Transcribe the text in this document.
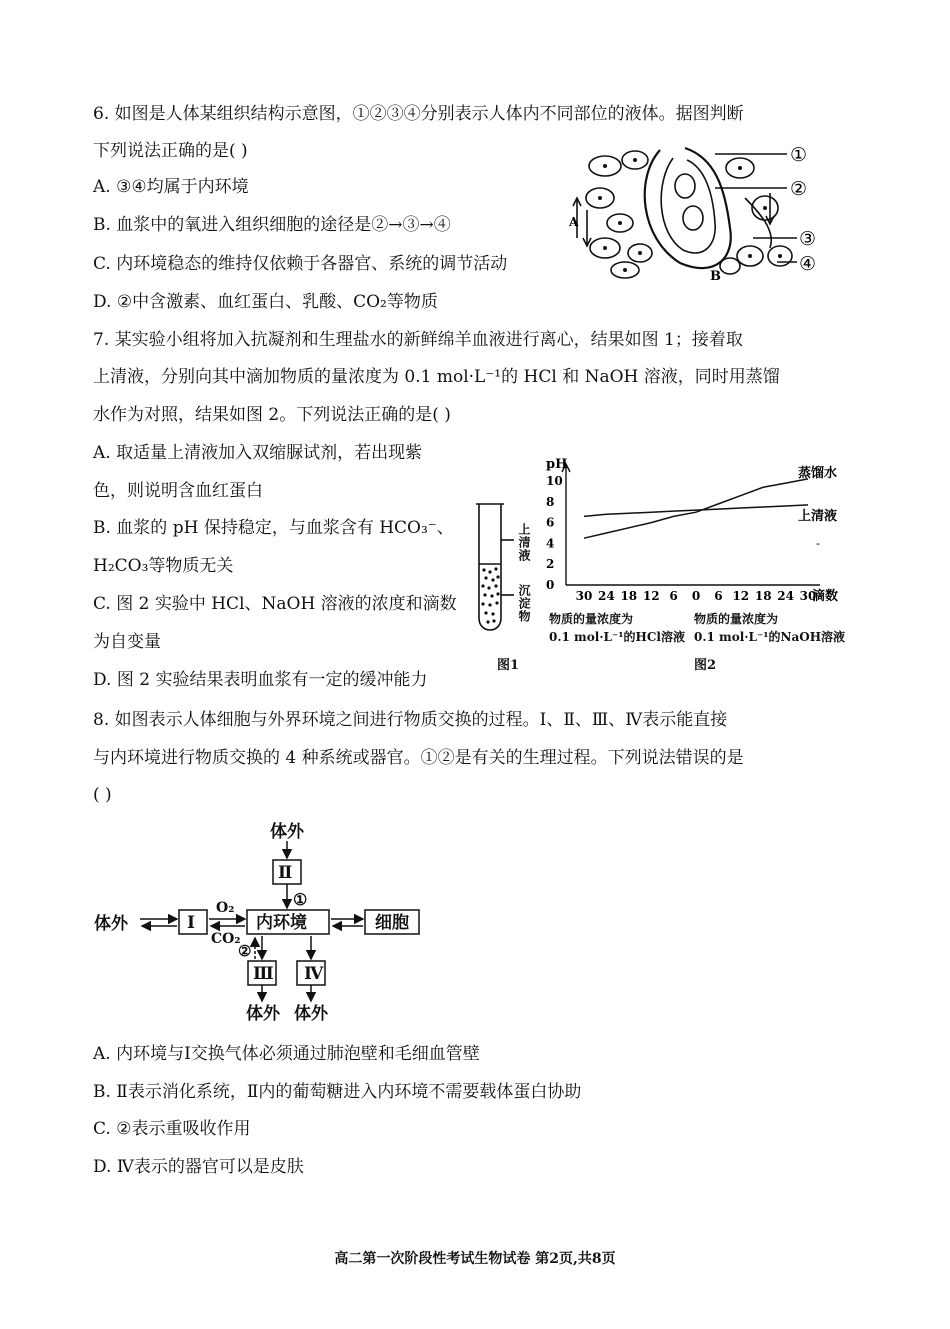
6. 如图是人体某组织结构示意图，①②③④分别表示人体内不同部位的液体。据图判断
下列说法正确的是( )
A. ③④均属于内环境
B. 血浆中的氧进入组织细胞的途径是②→③→④
C. 内环境稳态的维持仅依赖于各器官、系统的调节活动
D. ②中含激素、血红蛋白、乳酸、CO₂等物质
①
②
③
④
A
B
7. 某实验小组将加入抗凝剂和生理盐水的新鲜绵羊血液进行离心，结果如图 1；接着取
上清液，分别向其中滴加物质的量浓度为 0.1 mol·L⁻¹的 HCl 和 NaOH 溶液，同时用蒸馏
水作为对照，结果如图 2。下列说法正确的是( )
A. 取适量上清液加入双缩脲试剂，若出现紫
色，则说明含血红蛋白
B. 血浆的 pH 保持稳定，与血浆含有 HCO₃⁻、
H₂CO₃等物质无关
C. 图 2 实验中 HCl、NaOH 溶液的浓度和滴数
为自变量
D. 图 2 实验结果表明血浆有一定的缓冲能力
上清液
沉淀物
图1
pH
滴数
0
2
4
6
8
10
30 24 18 12 6 0 6 12 18 24 30
蒸馏水
上清液
-
物质的量浓度为
0.1 mol·L⁻¹的HCl溶液
物质的量浓度为
0.1 mol·L⁻¹的NaOH溶液
图2
8. 如图表示人体细胞与外界环境之间进行物质交换的过程。Ⅰ、Ⅱ、Ⅲ、Ⅳ表示能直接
与内环境进行物质交换的 4 种系统或器官。①②是有关的生理过程。下列说法错误的是
( )
体外
Ⅱ
①
体外	Ⅰ
O₂
CO₂
内环境	细胞
②
Ⅲ Ⅳ
体外 体外
A. 内环境与Ⅰ交换气体必须通过肺泡壁和毛细血管壁
B. Ⅱ表示消化系统，Ⅱ内的葡萄糖进入内环境不需要载体蛋白协助
C. ②表示重吸收作用
D. Ⅳ表示的器官可以是皮肤
高二第一次阶段性考试生物试卷 第2页,共8页
